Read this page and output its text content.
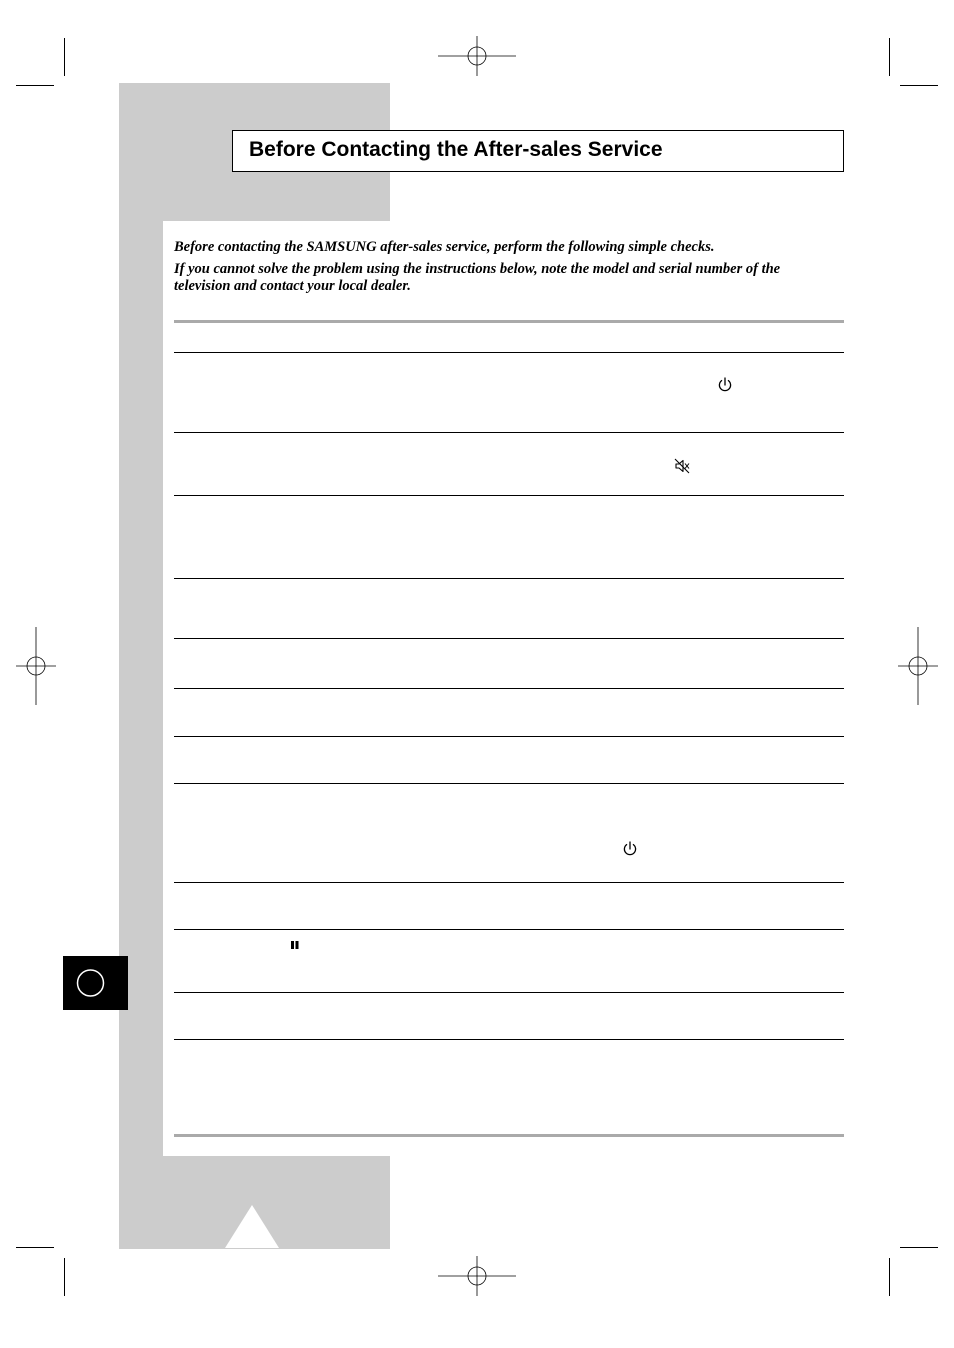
Before Contacting the After-sales Service
Before contacting the SAMSUNG after-sales service, perform the following simple checks.
If you cannot solve the problem using the instructions below, note the model and serial number of the television and contact your local dealer.
